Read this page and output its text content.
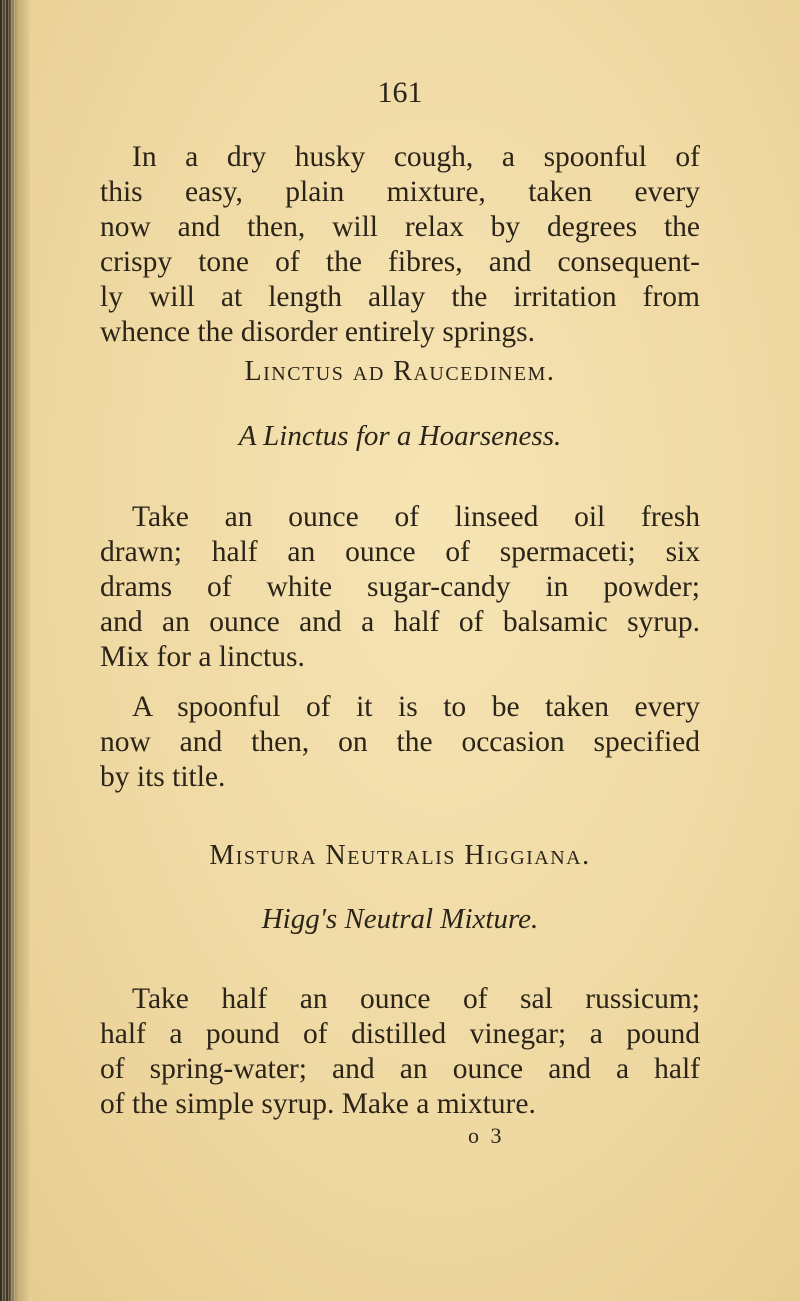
161
In a dry husky cough, a spoonful of
this easy, plain mixture, taken every
now and then, will relax by degrees the
crispy tone of the fibres, and consequent-
ly will at length allay the irritation from
whence the disorder entirely springs.
Linctus ad Raucedinem.
A Linctus for a Hoarseness.
Take an ounce of linseed oil fresh
drawn; half an ounce of spermaceti; six
drams of white sugar-candy in powder;
and an ounce and a half of balsamic syrup.
Mix for a linctus.
A spoonful of it is to be taken every
now and then, on the occasion specified
by its title.
Mistura Neutralis Higgiana.
Higg's Neutral Mixture.
Take half an ounce of sal russicum;
half a pound of distilled vinegar; a pound
of spring-water; and an ounce and a half
of the simple syrup. Make a mixture.
o 3
